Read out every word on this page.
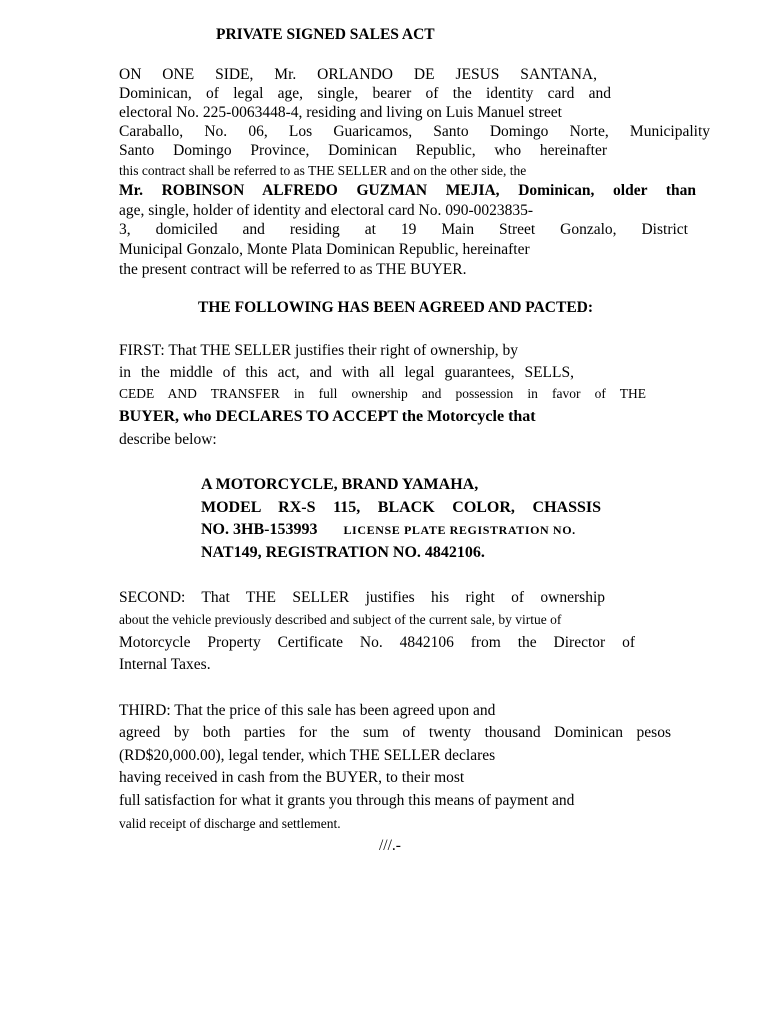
PRIVATE SIGNED SALES ACT
ON ONE SIDE, Mr. ORLANDO DE JESUS SANTANA,
Dominican, of legal age, single, bearer of the identity card and
electoral No. 225-0063448-4, residing and living on Luis Manuel street
Caraballo, No. 06, Los Guaricamos, Santo Domingo Norte, Municipality
Santo Domingo Province, Dominican Republic, who hereinafter
this contract shall be referred to as THE SELLER and on the other side, the
Mr. ROBINSON ALFREDO GUZMAN MEJIA, Dominican, older than
age, single, holder of identity and electoral card No. 090-0023835-
3, domiciled and residing at 19 Main Street Gonzalo, District
Municipal Gonzalo, Monte Plata Dominican Republic, hereinafter
the present contract will be referred to as THE BUYER.
THE FOLLOWING HAS BEEN AGREED AND PACTED:
FIRST: That THE SELLER justifies their right of ownership, by
in the middle of this act, and with all legal guarantees, SELLS,
CEDE AND TRANSFER in full ownership and possession in favor of THE
BUYER, who DECLARES TO ACCEPT the Motorcycle that
describe below:
A MOTORCYCLE, BRAND YAMAHA,
MODEL RX-S 115, BLACK COLOR, CHASSIS
NO. 3HB-153993 LICENSE PLATE REGISTRATION NO.
NAT149, REGISTRATION NO. 4842106.
SECOND: That THE SELLER justifies his right of ownership
about the vehicle previously described and subject of the current sale, by virtue of
Motorcycle Property Certificate No. 4842106 from the Director of
Internal Taxes.
THIRD: That the price of this sale has been agreed upon and
agreed by both parties for the sum of twenty thousand Dominican pesos
(RD$20,000.00), legal tender, which THE SELLER declares
having received in cash from the BUYER, to their most
full satisfaction for what it grants you through this means of payment and
valid receipt of discharge and settlement.
///.-
